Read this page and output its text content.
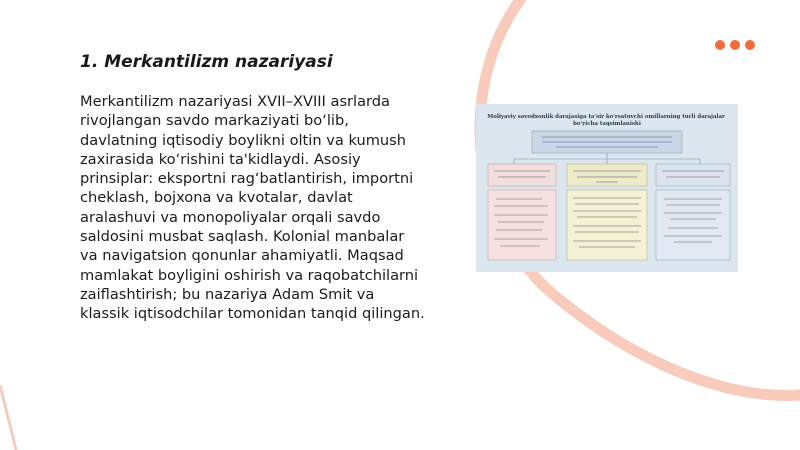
1. Merkantilizm nazariyasi

Merkantilizm nazariyasi XVII–XVIII asrlarda rivojlangan savdo markaziyati bo‘lib, davlatning iqtisodiy boylikni oltin va kumush zaxirasida ko‘rishini ta'kidlaydi. Asosiy prinsiplar: eksportni rag‘batlantirish, importni cheklash, bojxona va kvotalar, davlat aralashuvi va monopoliyalar orqali savdo saldosini musbat saqlash. Kolonial manbalar va navigatsion qonunlar ahamiyatli. Maqsad mamlakat boyligini oshirish va raqobatchilarni zaiflashtirish; bu nazariya Adam Smit va klassik iqtisodchilar tomonidan tanqid qilingan.

Moliyaviy savodxonlik darajasiga ta'sir ko'rsatuvchi omillarning turli darajalar bo'yicha taqsimlanishi
